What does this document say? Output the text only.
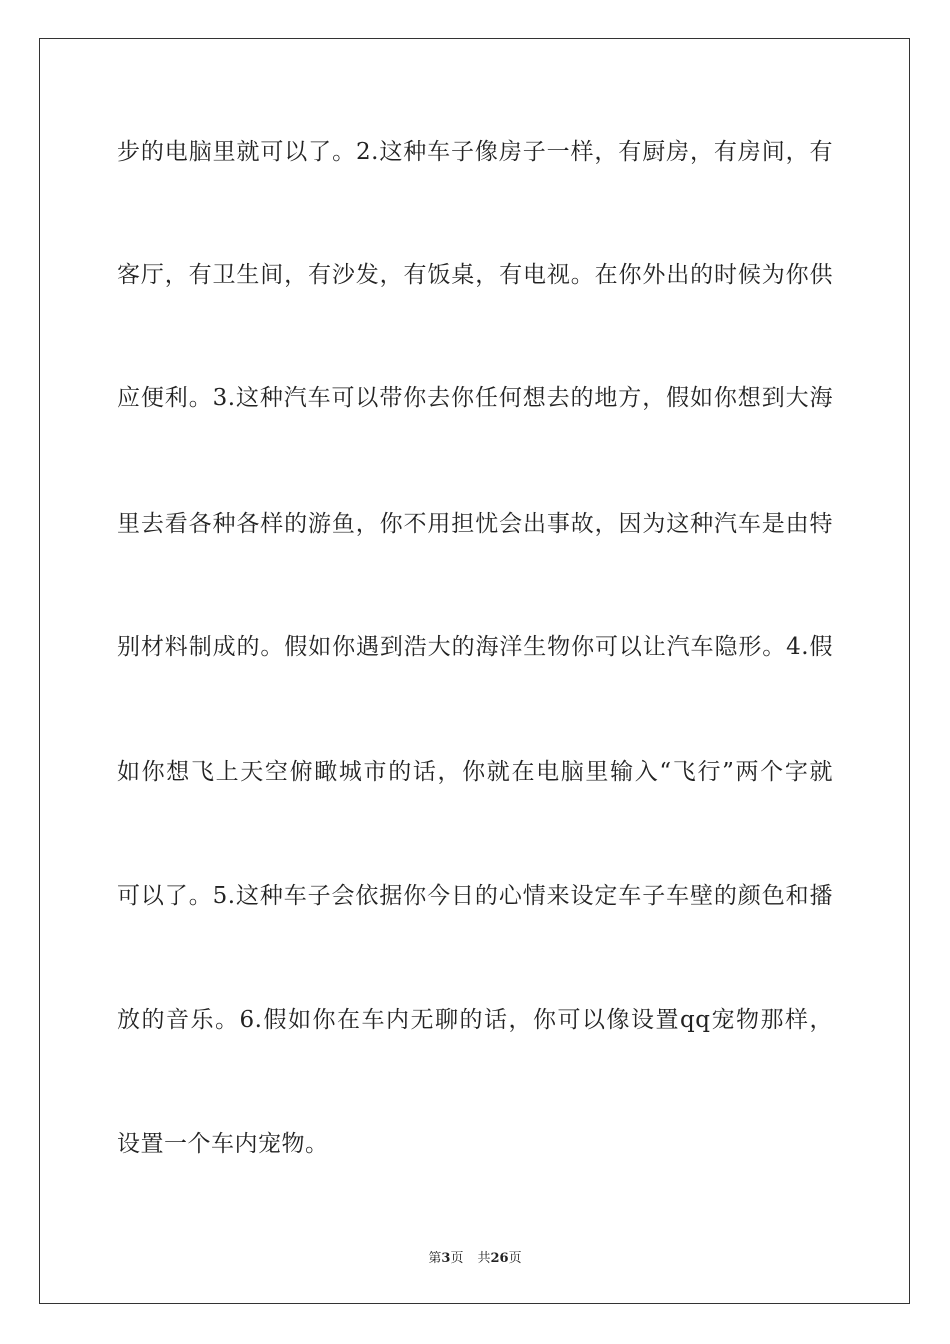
步的电脑里就可以了。2.这种车子像房子一样，有厨房，有房间，有
客厅，有卫生间，有沙发，有饭桌，有电视。在你外出的时候为你供
应便利。3.这种汽车可以带你去你任何想去的地方，假如你想到大海
里去看各种各样的游鱼，你不用担忧会出事故，因为这种汽车是由特
别材料制成的。假如你遇到浩大的海洋生物你可以让汽车隐形。4.假
如你想飞上天空俯瞰城市的话，你就在电脑里输入“飞行”两个字就
可以了。5.这种车子会依据你今日的心情来设定车子车壁的颜色和播
放的音乐。6.假如你在车内无聊的话，你可以像设置qq宠物那样，
设置一个车内宠物。
第3页 共26页
